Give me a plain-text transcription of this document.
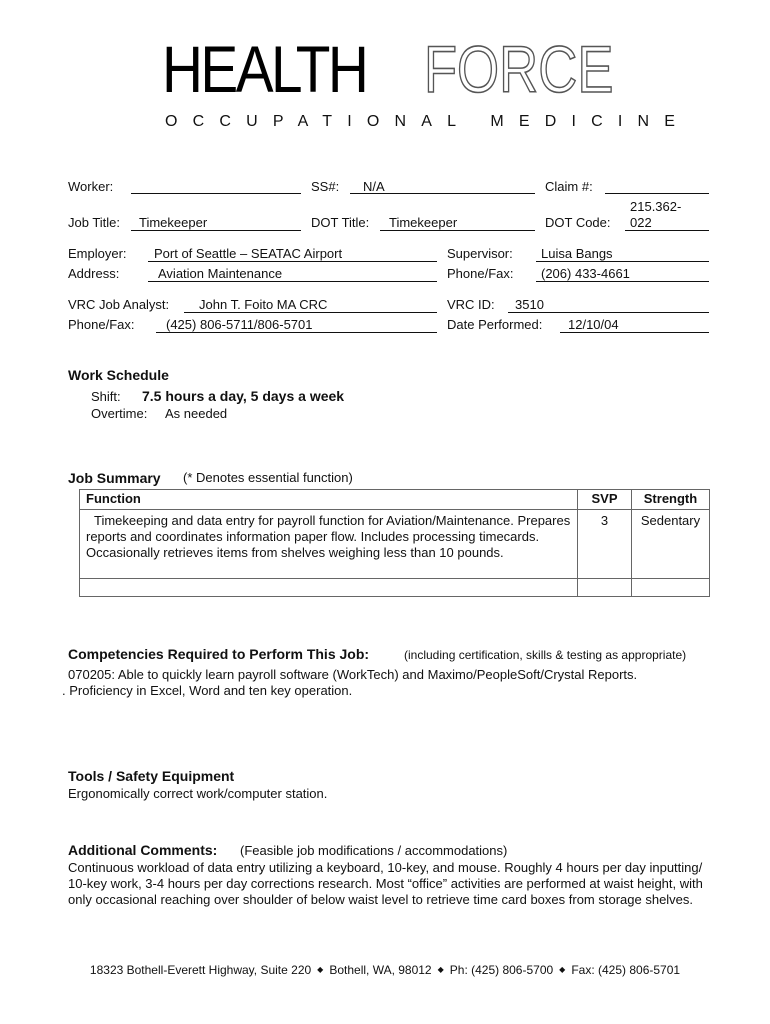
HEALTH FORCE
OCCUPATIONAL MEDICINE
Worker:	SS#: N/A	Claim #:
Job Title: Timekeeper	DOT Title: Timekeeper	DOT Code:
215.362-
022
Employer: Port of Seattle – SEATAC Airport	Supervisor: Luisa Bangs
Address:	Aviation Maintenance	Phone/Fax: (206) 433-4661
VRC Job Analyst: John T. Foito MA CRC	VRC ID: 3510
Phone/Fax: (425) 806-5711/806-5701	Date Performed: 12/10/04
Work Schedule
Shift: 7.5 hours a day, 5 days a week
Overtime: As needed
Job Summary (* Denotes essential function)
Function	SVP	Strength
Timekeeping and data entry for payroll function for Aviation/Maintenance. Prepares reports and coordinates information paper flow. Includes processing timecards. Occasionally retrieves items from shelves weighing less than 10 pounds.	3	Sedentary

Competencies Required to Perform This Job:	(including certification, skills & testing as appropriate)
070205: Able to quickly learn payroll software (WorkTech) and Maximo/PeopleSoft/Crystal Reports.
. Proficiency in Excel, Word and ten key operation.
Tools / Safety Equipment
Ergonomically correct work/computer station.
Additional Comments: (Feasible job modifications / accommodations)
Continuous workload of data entry utilizing a keyboard, 10-key, and mouse. Roughly 4 hours per day inputting/ 10-key work, 3-4 hours per day corrections research. Most “office” activities are performed at waist height, with only occasional reaching over shoulder of below waist level to retrieve time card boxes from storage shelves.
18323 Bothell-Everett Highway, Suite 220 ◆ Bothell, WA, 98012 ◆ Ph: (425) 806-5700 ◆ Fax: (425) 806-5701
